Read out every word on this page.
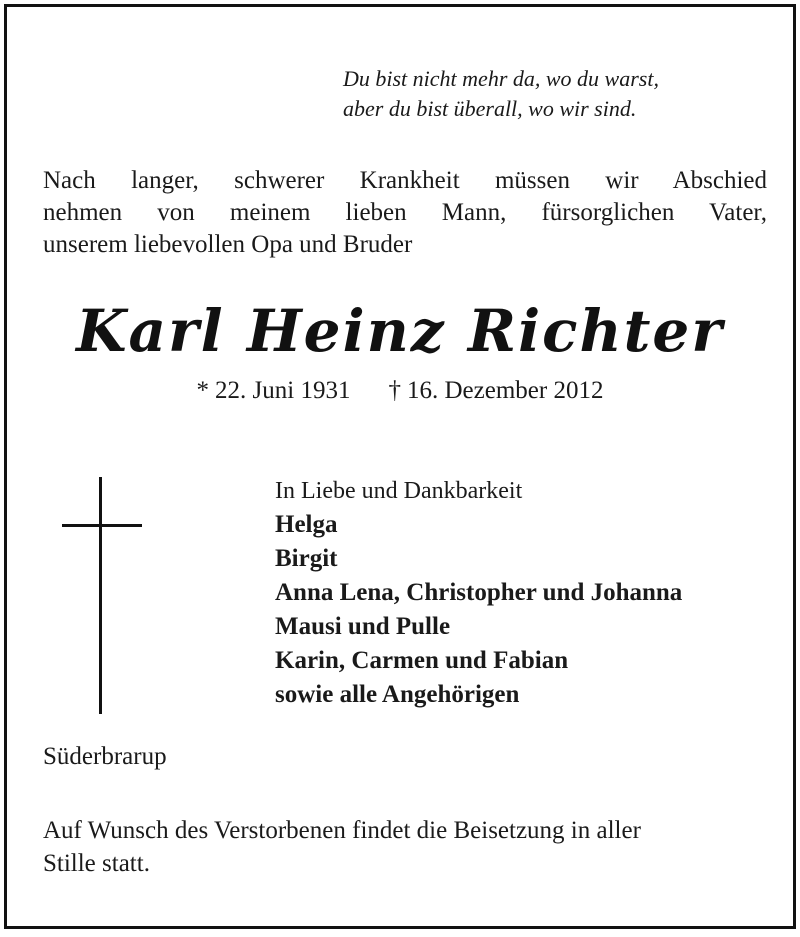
Du bist nicht mehr da, wo du warst,
aber du bist überall, wo wir sind.
Nach langer, schwerer Krankheit müssen wir Abschied
nehmen von meinem lieben Mann, fürsorglichen Vater,
unserem liebevollen Opa und Bruder
Karl Heinz Richter
* 22. Juni 1931 † 16. Dezember 2012
In Liebe und Dankbarkeit
Helga
Birgit
Anna Lena, Christopher und Johanna
Mausi und Pulle
Karin, Carmen und Fabian
sowie alle Angehörigen
Süderbrarup
Auf Wunsch des Verstorbenen findet die Beisetzung in aller
Stille statt.
